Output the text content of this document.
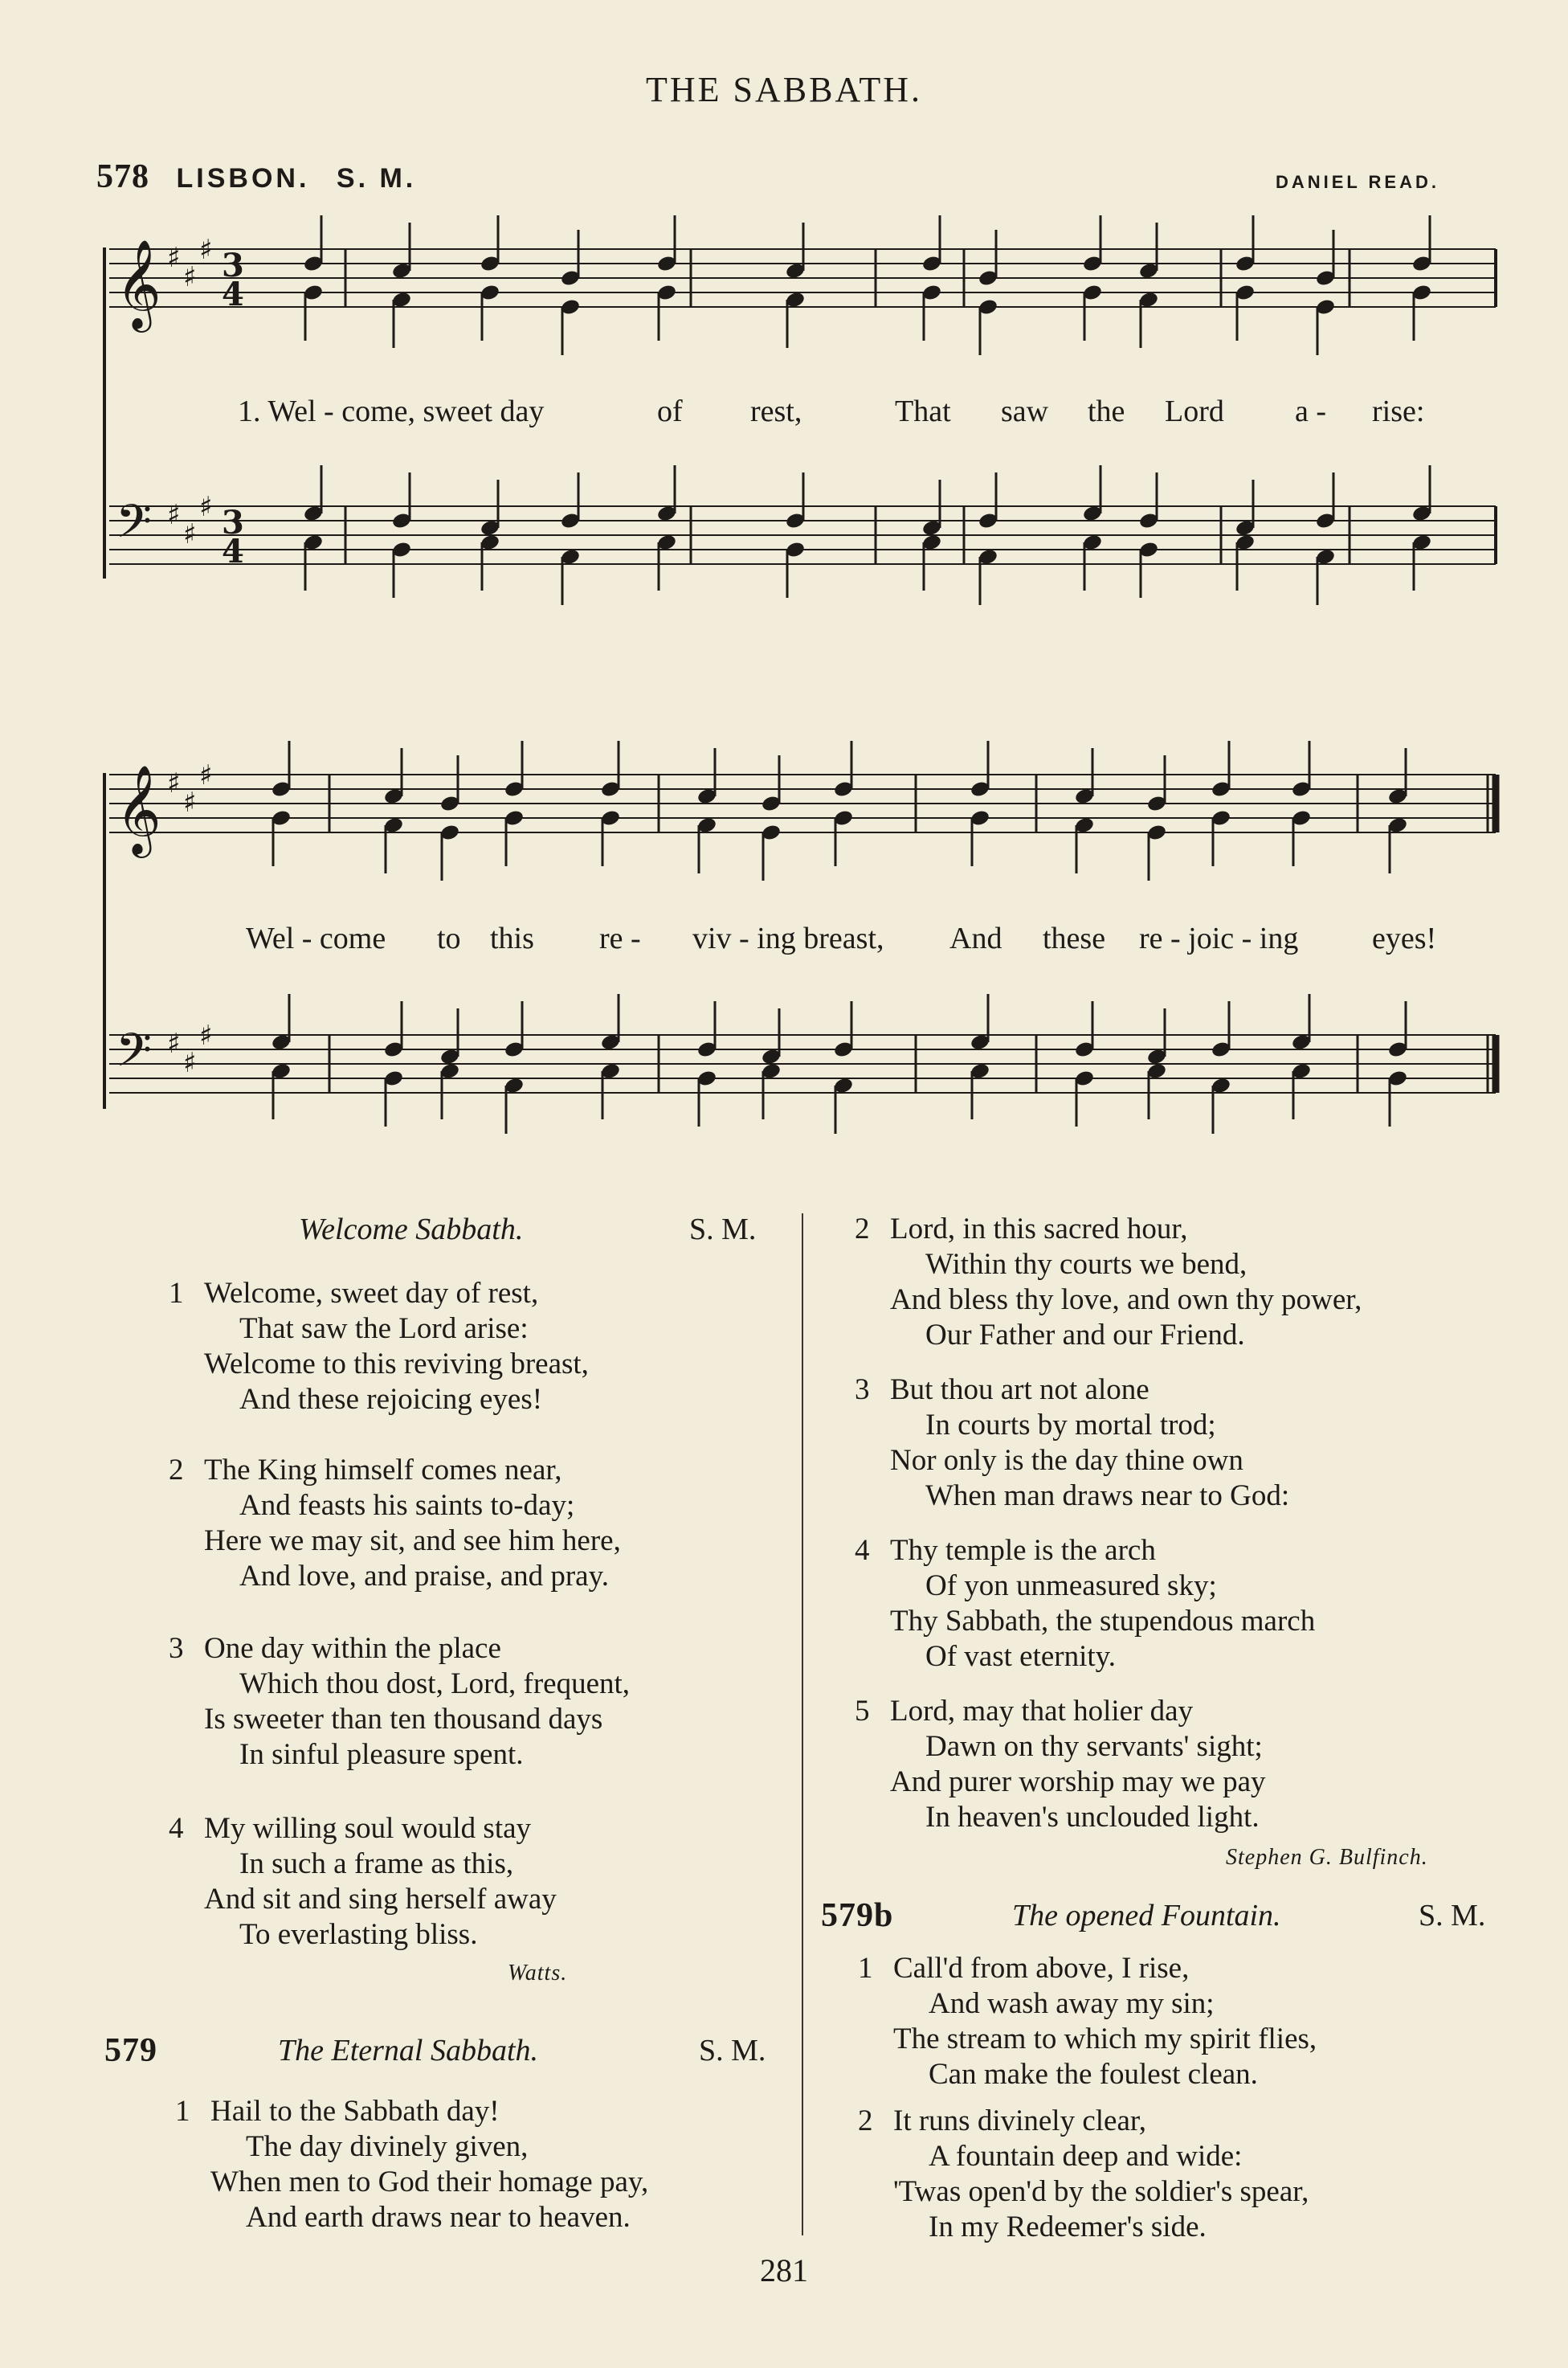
THE SABBATH.
578 LISBON. S. M.	DANIEL READ.
𝄞 ♯
♯
♯ 3
4
𝄢 ♯
♯
♯ 3
4
1. Wel - come, sweet day	of rest,	That saw the Lord a - rise:
𝄞 ♯
♯
♯
𝄢 ♯
♯
♯
Wel - come to this re - viv - ing breast, And these re - joic - ing eyes!
Welcome Sabbath.	S. M.
1 Welcome, sweet day of rest,
That saw the Lord arise:
Welcome to this reviving breast,
And these rejoicing eyes!
2 The King himself comes near,
And feasts his saints to-day;
Here we may sit, and see him here,
And love, and praise, and pray.
3 One day within the place
Which thou dost, Lord, frequent,
Is sweeter than ten thousand days
In sinful pleasure spent.
4 My willing soul would stay
In such a frame as this,
And sit and sing herself away
To everlasting bliss.
Watts.
579	The Eternal Sabbath.	S. M.
1 Hail to the Sabbath day!
The day divinely given,
When men to God their homage pay,
And earth draws near to heaven.
2 Lord, in this sacred hour,
Within thy courts we bend,
And bless thy love, and own thy power,
Our Father and our Friend.
3 But thou art not alone
In courts by mortal trod;
Nor only is the day thine own
When man draws near to God:
4 Thy temple is the arch
Of yon unmeasured sky;
Thy Sabbath, the stupendous march
Of vast eternity.
5 Lord, may that holier day
Dawn on thy servants' sight;
And purer worship may we pay
In heaven's unclouded light.
Stephen G. Bulfinch.
579b	The opened Fountain.	S. M.
1 Call'd from above, I rise,
And wash away my sin;
The stream to which my spirit flies,
Can make the foulest clean.
2 It runs divinely clear,
A fountain deep and wide:
'Twas open'd by the soldier's spear,
In my Redeemer's side.
281
